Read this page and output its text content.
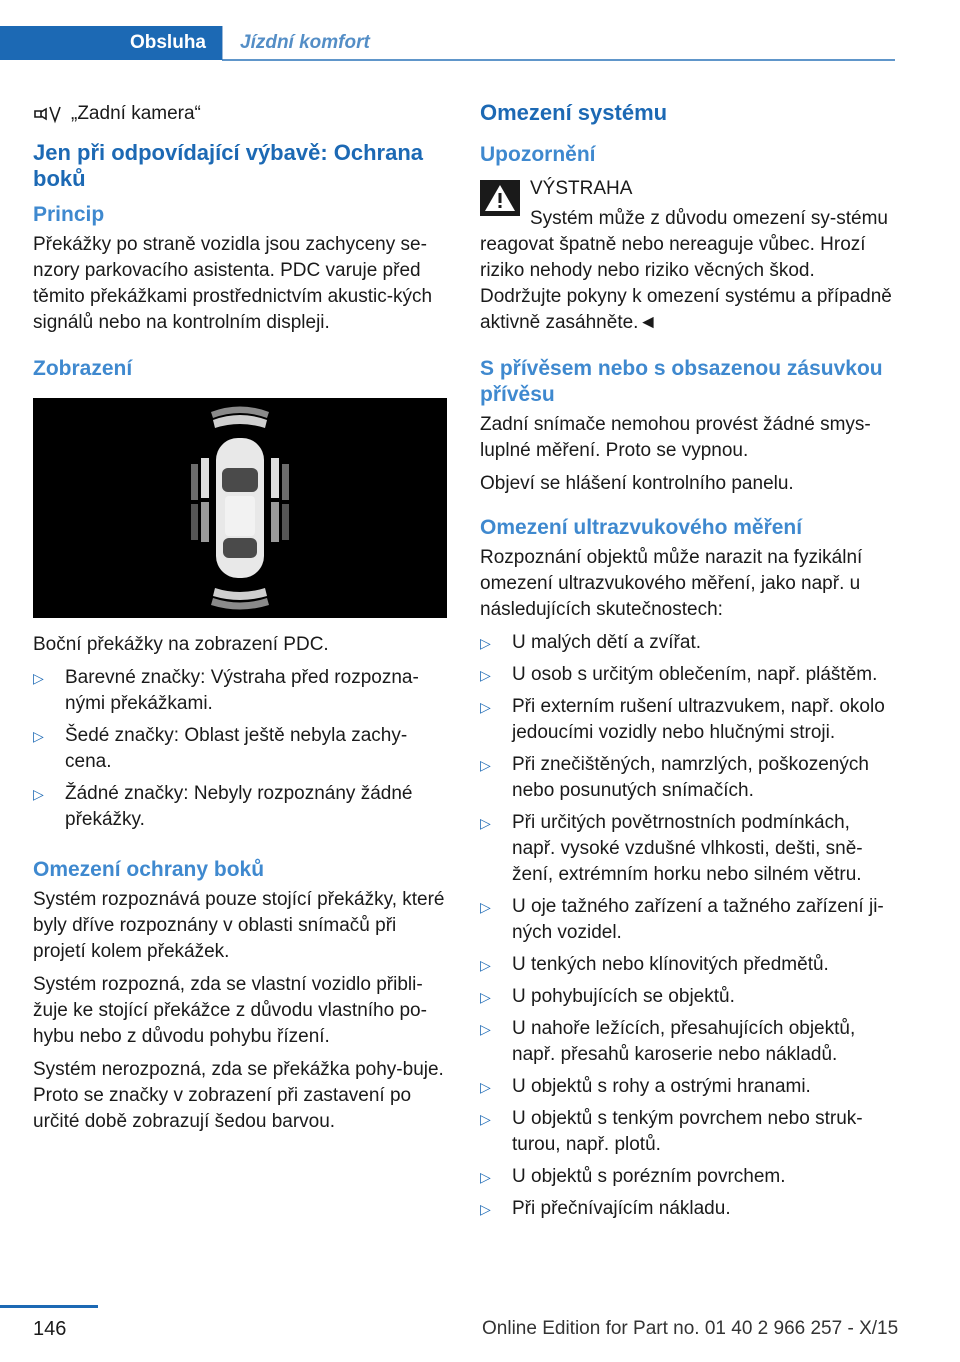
Obsluha	Jízdní komfort
„Zadní kamera“
Jen při odpovídající výbavě: Ochrana boků
Princip

Překážky po straně vozidla jsou zachyceny se-nzory parkovacího asistenta. PDC varuje před těmito překážkami prostřednictvím akustic-kých signálů nebo na kontrolním displeji.

Zobrazení

Boční překážky na zobrazení PDC.

▷ Barevné značky: Výstraha před rozpozna-nými překážkami.
▷ Šedé značky: Oblast ještě nebyla zachy-cena.
▷ Žádné značky: Nebyly rozpoznány žádné překážky.
Omezení ochrany boků

Systém rozpoznává pouze stojící překážky, které byly dříve rozpoznány v oblasti snímačů při projetí kolem překážek.

Systém rozpozná, zda se vlastní vozidlo přibli-žuje ke stojící překážce z důvodu vlastního po-hybu nebo z důvodu pohybu řízení.

Systém nerozpozná, zda se překážka pohy-buje. Proto se značky v zobrazení při zastavení po určité době zobrazují šedou barvou.

Omezení systému
Upozornění

VÝSTRAHA

Systém může z důvodu omezení sy-stému reagovat špatně nebo nereaguje vůbec. Hrozí riziko nehody nebo riziko věcných škod. Dodržujte pokyny k omezení systému a případně aktivně zasáhněte.◄

S přívěsem nebo s obsazenou zásuvkou přívěsu

Zadní snímače nemohou provést žádné smys-luplné měření. Proto se vypnou.

Objeví se hlášení kontrolního panelu.

Omezení ultrazvukového měření

Rozpoznání objektů může narazit na fyzikální omezení ultrazvukového měření, jako např. u následujících skutečnostech:

▷ U malých dětí a zvířat.
▷ U osob s určitým oblečením, např. pláštěm.
▷ Při externím rušení ultrazvukem, např. okolo jedoucími vozidly nebo hlučnými stroji.
▷ Při znečištěných, namrzlých, poškozených nebo posunutých snímačích.
▷ Při určitých povětrnostních podmínkách, např. vysoké vzdušné vlhkosti, dešti, sně-žení, extrémním horku nebo silném větru.
▷ U oje tažného zařízení a tažného zařízení ji-ných vozidel.
▷ U tenkých nebo klínovitých předmětů.
▷ U pohybujících se objektů.
▷ U nahoře ležících, přesahujících objektů, např. přesahů karoserie nebo nákladů.
▷ U objektů s rohy a ostrými hranami.
▷ U objektů s tenkým povrchem nebo struk-turou, např. plotů.
▷ U objektů s porézním povrchem.
▷ Při přečnívajícím nákladu.
146	Online Edition for Part no. 01 40 2 966 257 - X/15
